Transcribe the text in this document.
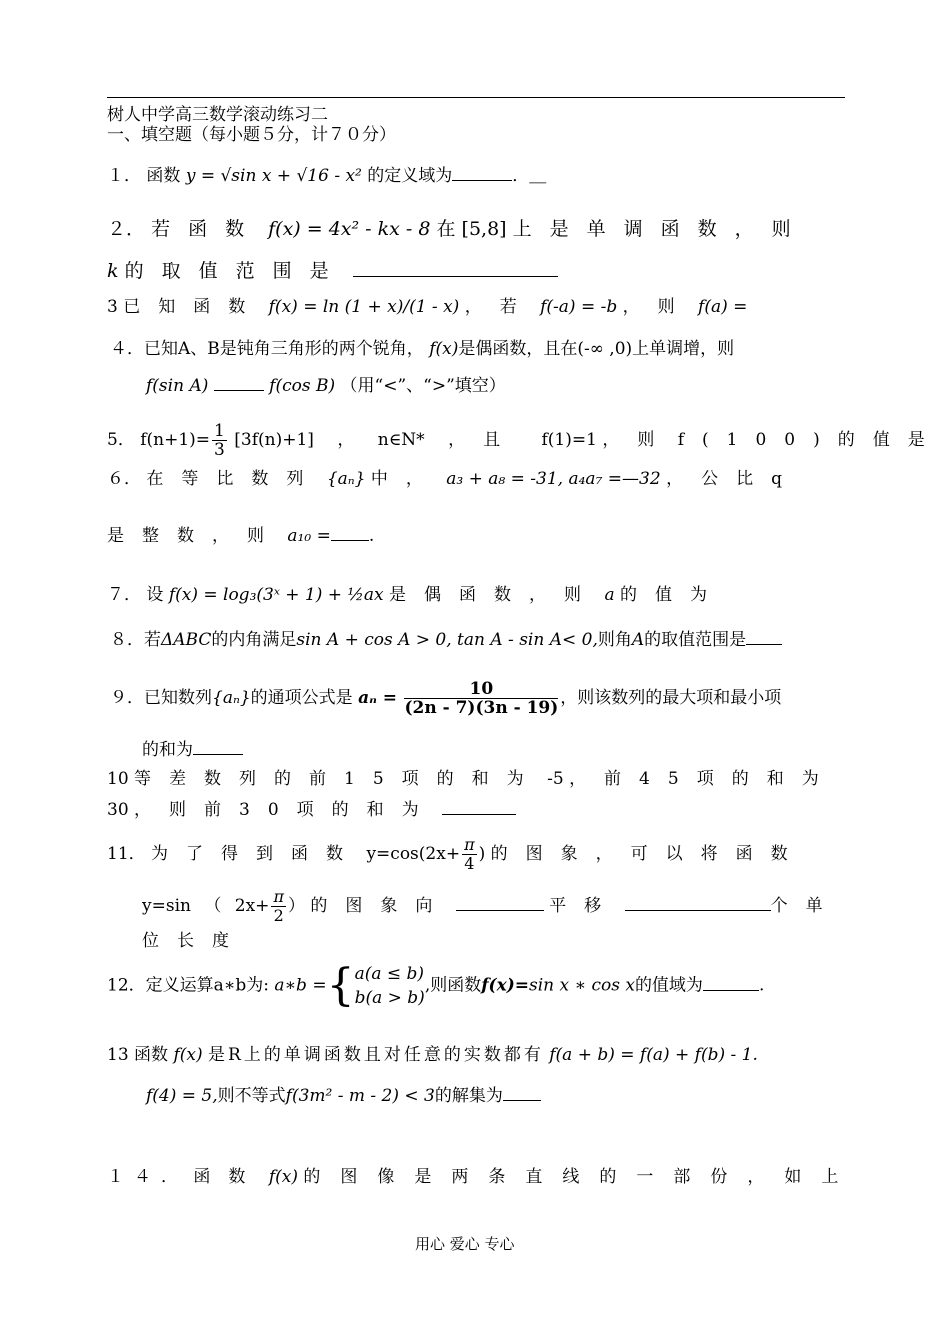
树人中学高三数学滚动练习二
一、填空题（每小题５分，计７０分）
１． 函数 y = √sin x + √16 - x² 的定义域为	．＿
２． 若函数 f(x) = 4x² - kx - 8 在 [5,8] 上是单调函数，则
k 的取值范围是
3 已知函数 f(x) = ln (1 + x)/(1 - x) ，若 f(-a) = -b ，则 f(a) =
４．已知A、B是钝角三角形的两个锐角， f(x)是偶函数，且在(-∞ ,0)上单调增，则
f(sin A)	f(cos B) （用“<”、“>”填空）
5． $f(n+1)= \frac{1}{3} [3f(n)+1]$ ， n∈N* ，且 f(1)=1 ，则 f(100)的值是
６． 在等比数列 {aₙ} 中， a₃ + a₈ = -31, a₄a₇ =—32 ，公比q
是整数，则 a₁₀ = .
７． 设 f(x) = log₃(3ˣ + 1) + ½ax 是偶函数，则 a 的值为
８．若ΔABC的内角满足sin A + cos A > 0, tan A - sin A< 0,则角A的取值范围是
９．已知数列{aₙ}的通项公式是 $a_n = \frac{10}{(2n - 7)(3n - 19)}$ ，则该数列的最大项和最小项
的和为
10 等差数列的前15项的和为 -5 ，前45项的和为
30 ，则前30项的和为
11． 为了得到函数 $y=\cos(2x+ \frac{\pi}{4}$ ) 的图象，可以将函数
y=sin （ $2x+ \frac{\pi}{2}$ ） 的图象向	平移	个单
位长度
12．定义运算a∗b为: a∗b ={ a(a ≤ b)
b(a > b)
,则函数f(x)=sin x ∗ cos x的值域为	.
13 函数 f(x) 是R上的单调函数且对任意的实数都有 f(a + b) = f(a) + f(b) - 1.
f(4) = 5,则不等式f(3m² - m - 2) < 3的解集为
１４． 函数 f(x) 的图像是两条直线的一部份，如上
用心 爱心 专心
